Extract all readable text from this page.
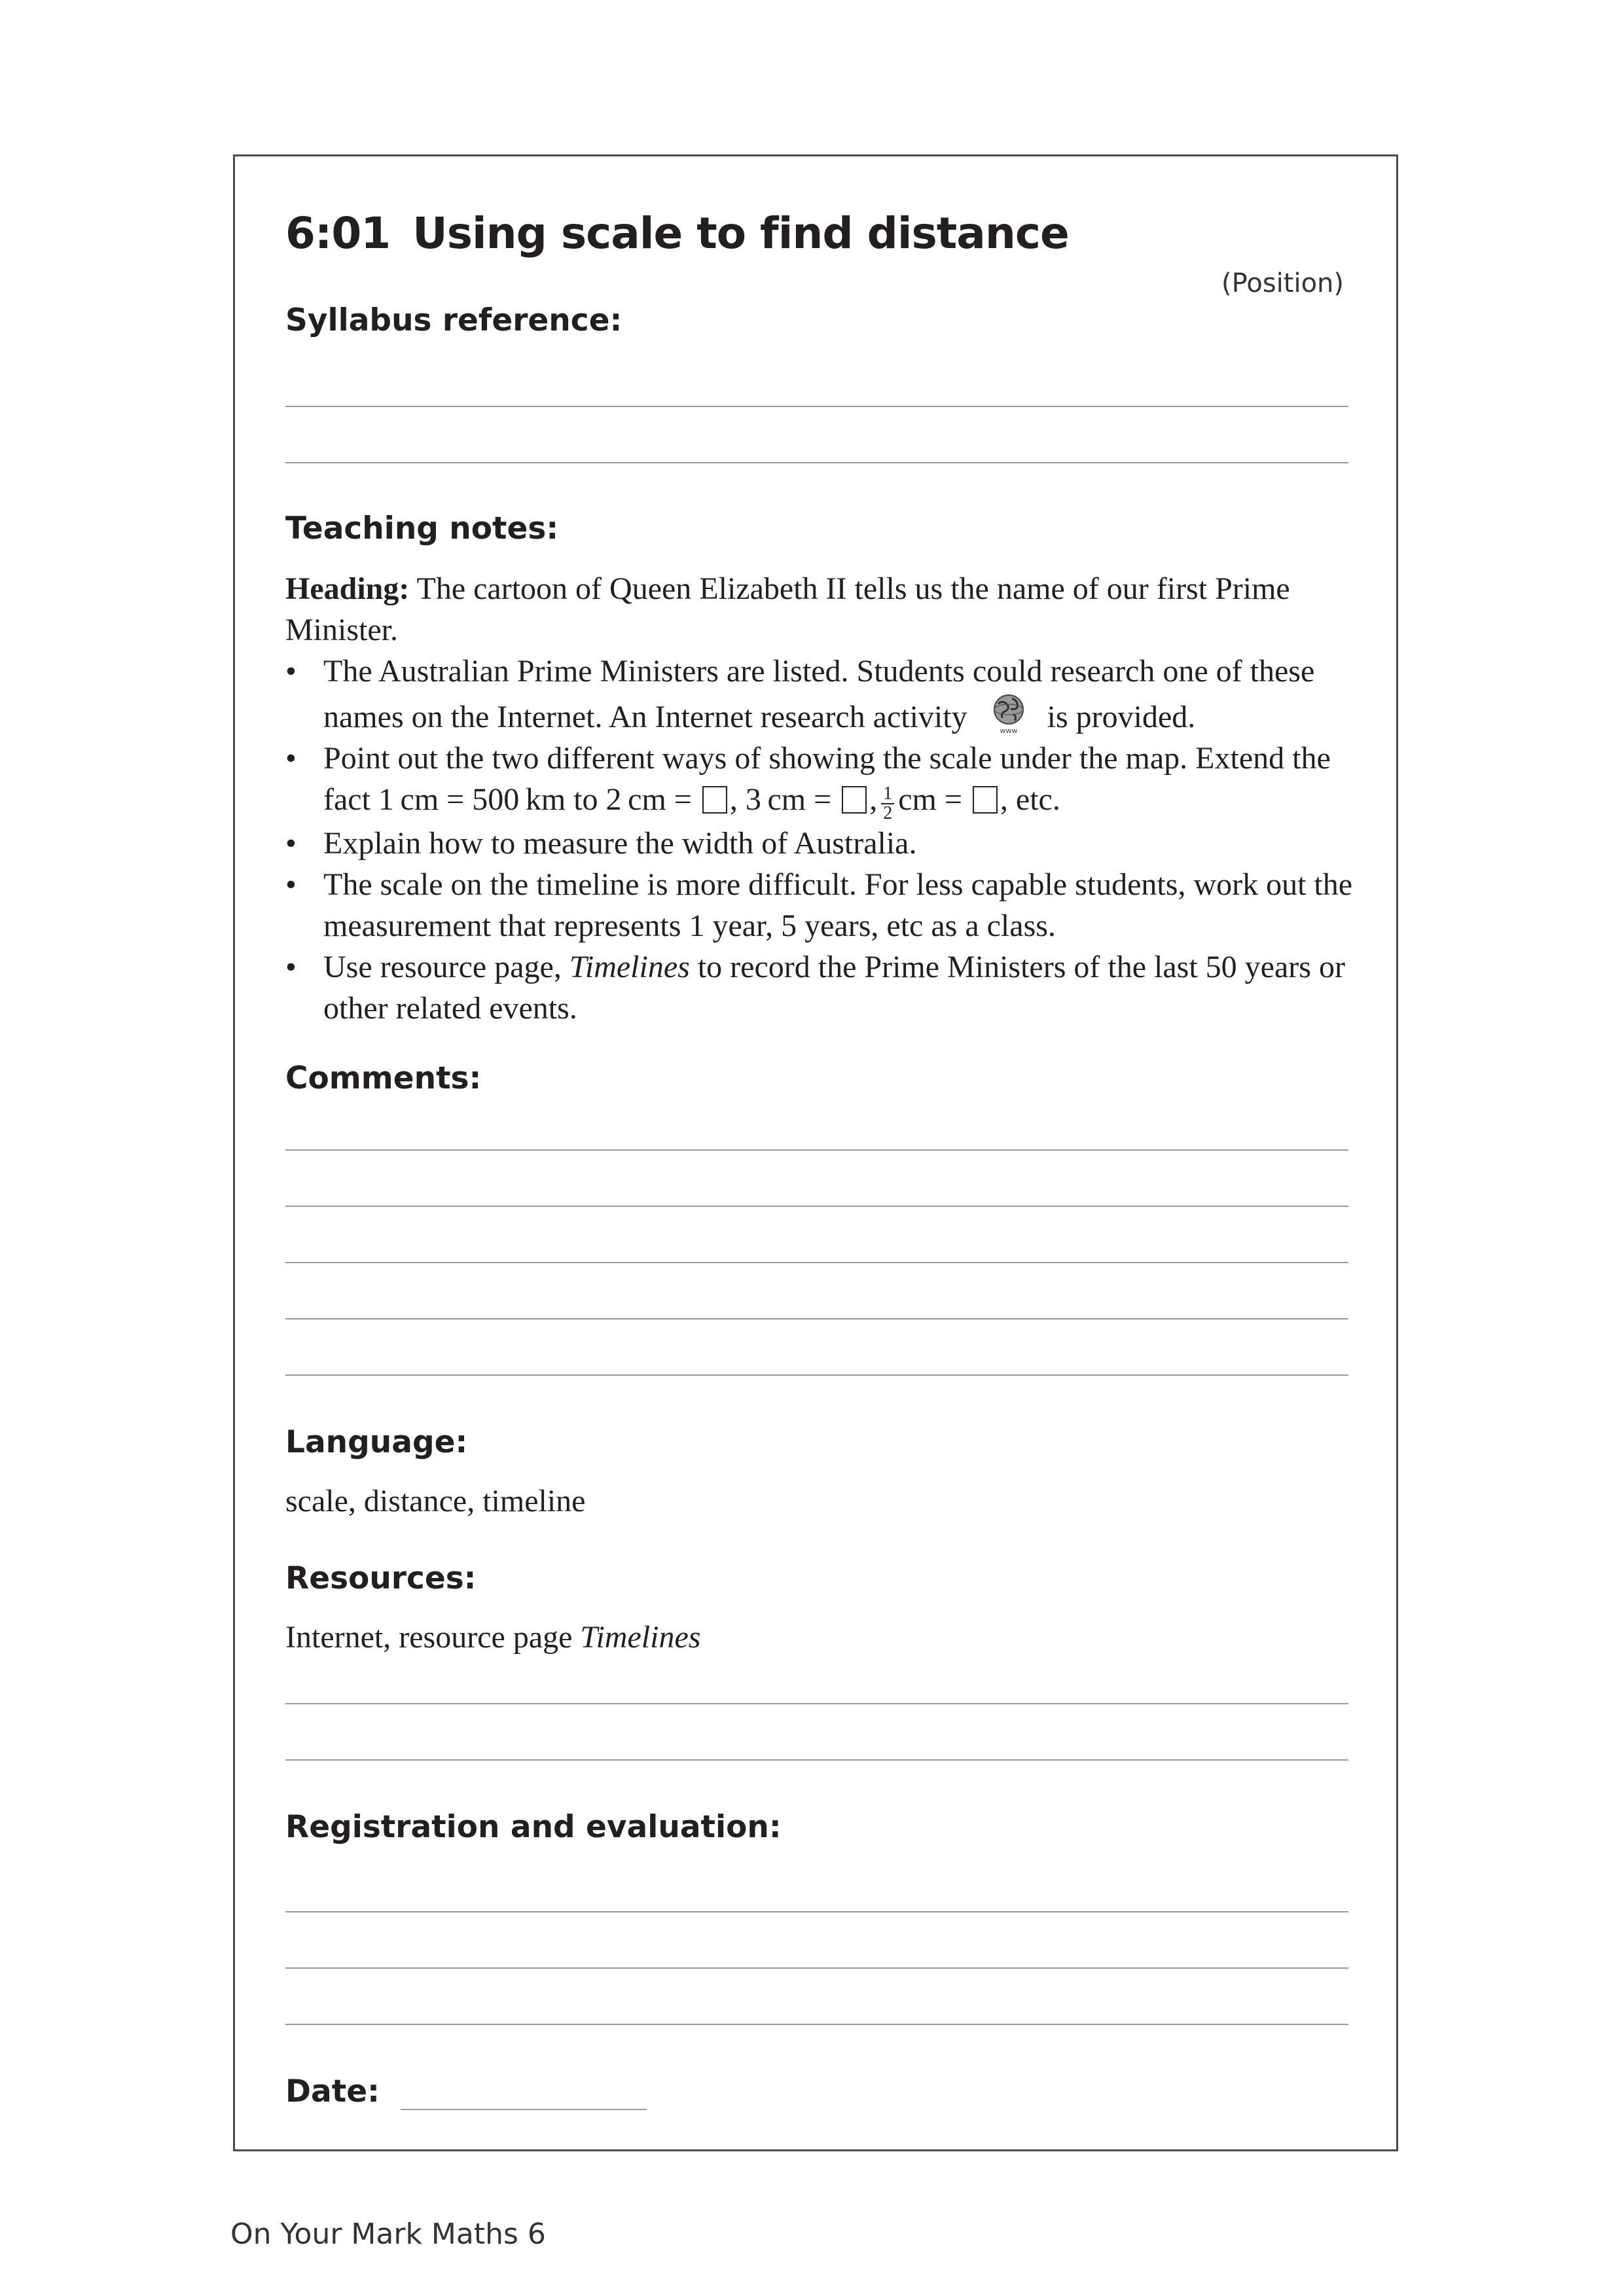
6:01 Using scale to find distance
(Position)
Syllabus reference:
Teaching notes:

Heading: The cartoon of Queen Elizabeth II tells us the name of our first Prime Minister.

• The Australian Prime Ministers are listed. Students could research one of these names on the Internet. An Internet research activity	www is provided.
• Point out the two different ways of showing the scale under the map. Extend the fact 1 cm = 500 km to 2 cm = , 3 cm = , $\frac{1}{2}$ cm = , etc.
• Explain how to measure the width of Australia.
• The scale on the timeline is more difficult. For less capable students, work out the measurement that represents 1 year, 5 years, etc as a class.
• Use resource page, Timelines to record the Prime Ministers of the last 50 years or other related events.
Comments:
Language:
scale, distance, timeline
Resources:
Internet, resource page Timelines
Registration and evaluation:
Date:
On Your Mark Maths 6
